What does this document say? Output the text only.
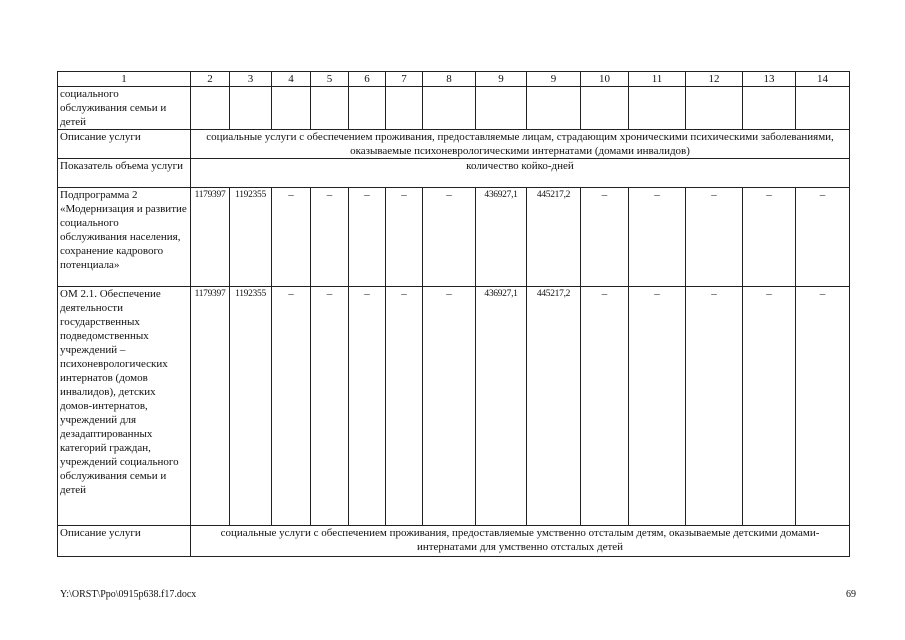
1	2	3	4	5	6	7	8	9	9	10	11	12	13	14
социального обслуживания семьи и детей														
Описание услуги	социальные услуги с обеспечением проживания, предоставляемые лицам, страдающим хроническими психическими заболеваниями, оказываемые психоневрологическими интернатами (домами инвалидов)													
Показатель объема услуги	количество койко-дней													
Подпрограмма 2 «Модернизация и развитие социального обслуживания населения, сохранение кадрового потенциала»	1179397	1192355	–	–	–	–	–	436927,1	445217,2	–	–	–	–	–
ОМ 2.1. Обеспечение деятельности государственных подведомственных учреждений – психоневрологических интернатов (домов инвалидов), детских домов-интернатов, учреждений для дезадаптированных категорий граждан, учреждений социального обслуживания семьи и детей	1179397	1192355	–	–	–	–	–	436927,1	445217,2	–	–	–	–	–
Описание услуги	социальные услуги с обеспечением проживания, предоставляемые умственно отсталым детям, оказываемые детскими домами-интернатами для умственно отсталых детей													
Y:\ORST\Ppo\0915p638.f17.docx	69
